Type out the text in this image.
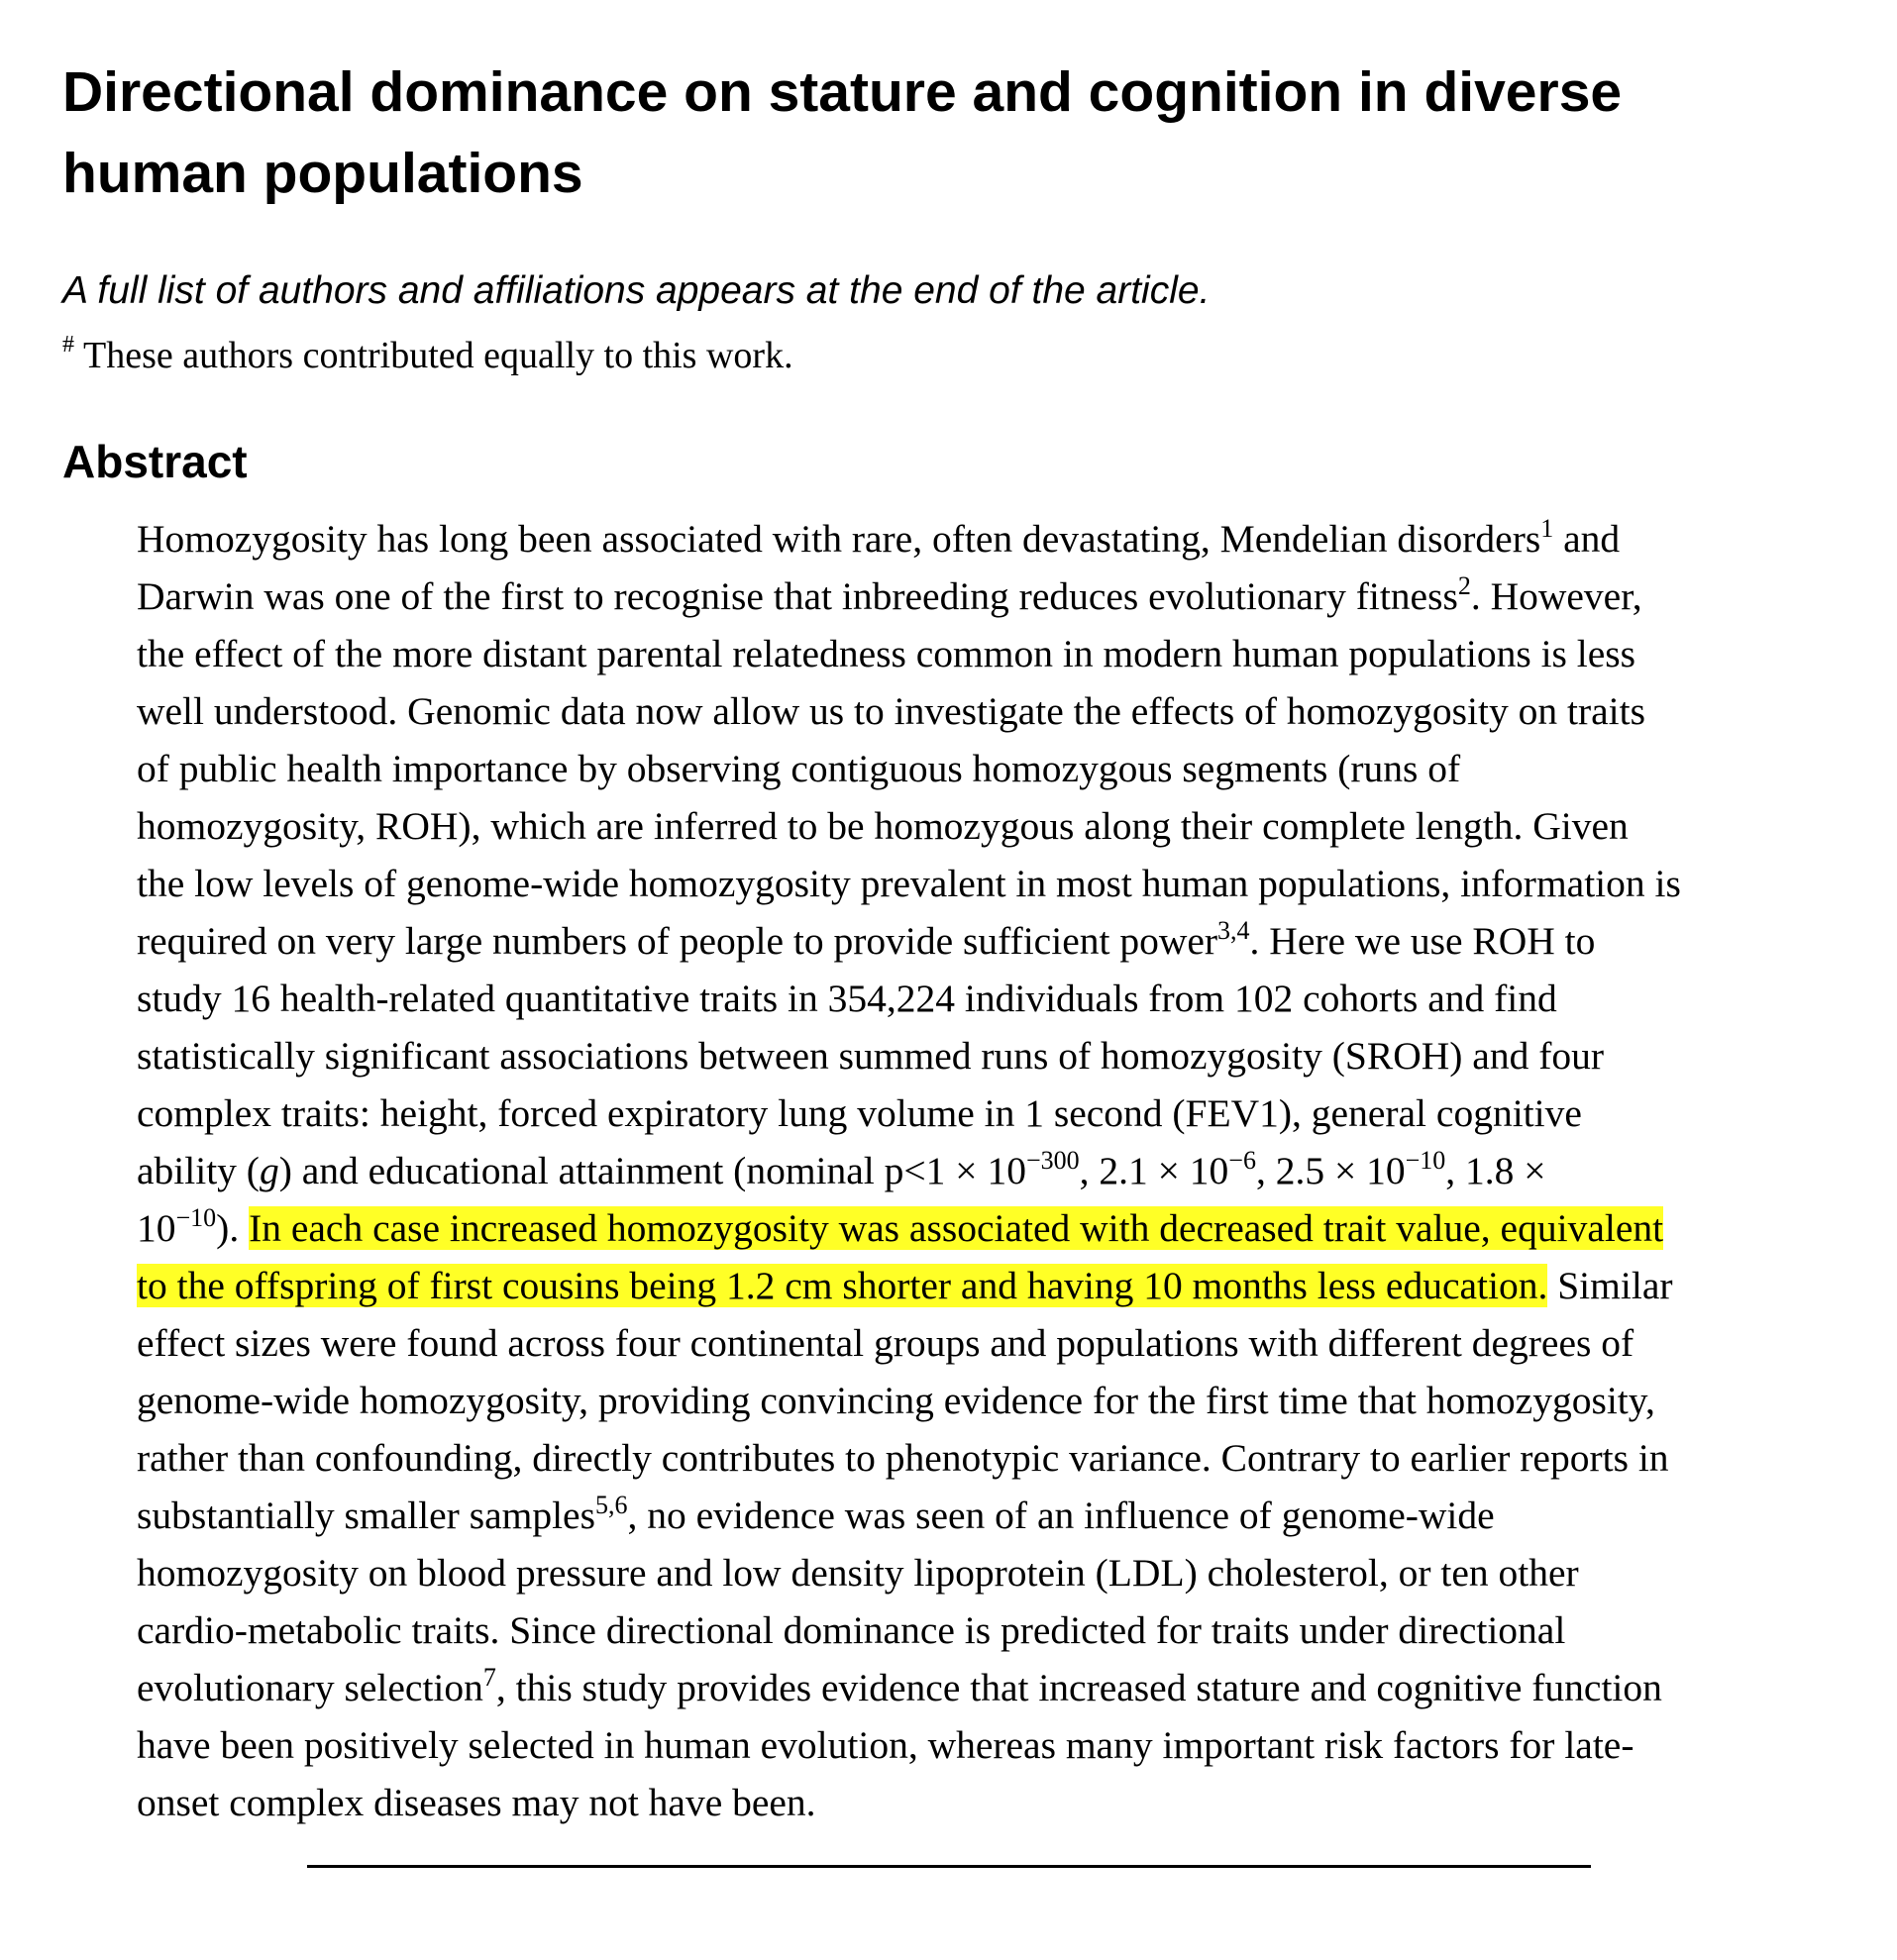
Directional dominance on stature and cognition in diverse human populations

A full list of authors and affiliations appears at the end of the article.

# These authors contributed equally to this work.

Abstract
Homozygosity has long been associated with rare, often devastating, Mendelian disorders$^1$ and
Darwin was one of the first to recognise that inbreeding reduces evolutionary fitness$^2$. However,
the effect of the more distant parental relatedness common in modern human populations is less
well understood. Genomic data now allow us to investigate the effects of homozygosity on traits
of public health importance by observing contiguous homozygous segments (runs of
homozygosity, ROH), which are inferred to be homozygous along their complete length. Given
the low levels of genome-wide homozygosity prevalent in most human populations, information is
required on very large numbers of people to provide sufficient power$^{3,4}$. Here we use ROH to
study 16 health-related quantitative traits in 354,224 individuals from 102 cohorts and find
statistically significant associations between summed runs of homozygosity (SROH) and four
complex traits: height, forced expiratory lung volume in 1 second (FEV1), general cognitive
ability (g) and educational attainment (nominal $p<1 \times 10^{-300}$, $2.1 \times 10^{-6}$, $2.5 \times 10^{-10}$, 1.8 ×
$10^{-10}$). In each case increased homozygosity was associated with decreased trait value, equivalent
to the offspring of first cousins being 1.2 cm shorter and having 10 months less education. Similar
effect sizes were found across four continental groups and populations with different degrees of
genome-wide homozygosity, providing convincing evidence for the first time that homozygosity,
rather than confounding, directly contributes to phenotypic variance. Contrary to earlier reports in
substantially smaller samples$^{5,6}$, no evidence was seen of an influence of genome-wide
homozygosity on blood pressure and low density lipoprotein (LDL) cholesterol, or ten other
cardio-metabolic traits. Since directional dominance is predicted for traits under directional
evolutionary selection$^7$, this study provides evidence that increased stature and cognitive function
have been positively selected in human evolution, whereas many important risk factors for late-
onset complex diseases may not have been.
